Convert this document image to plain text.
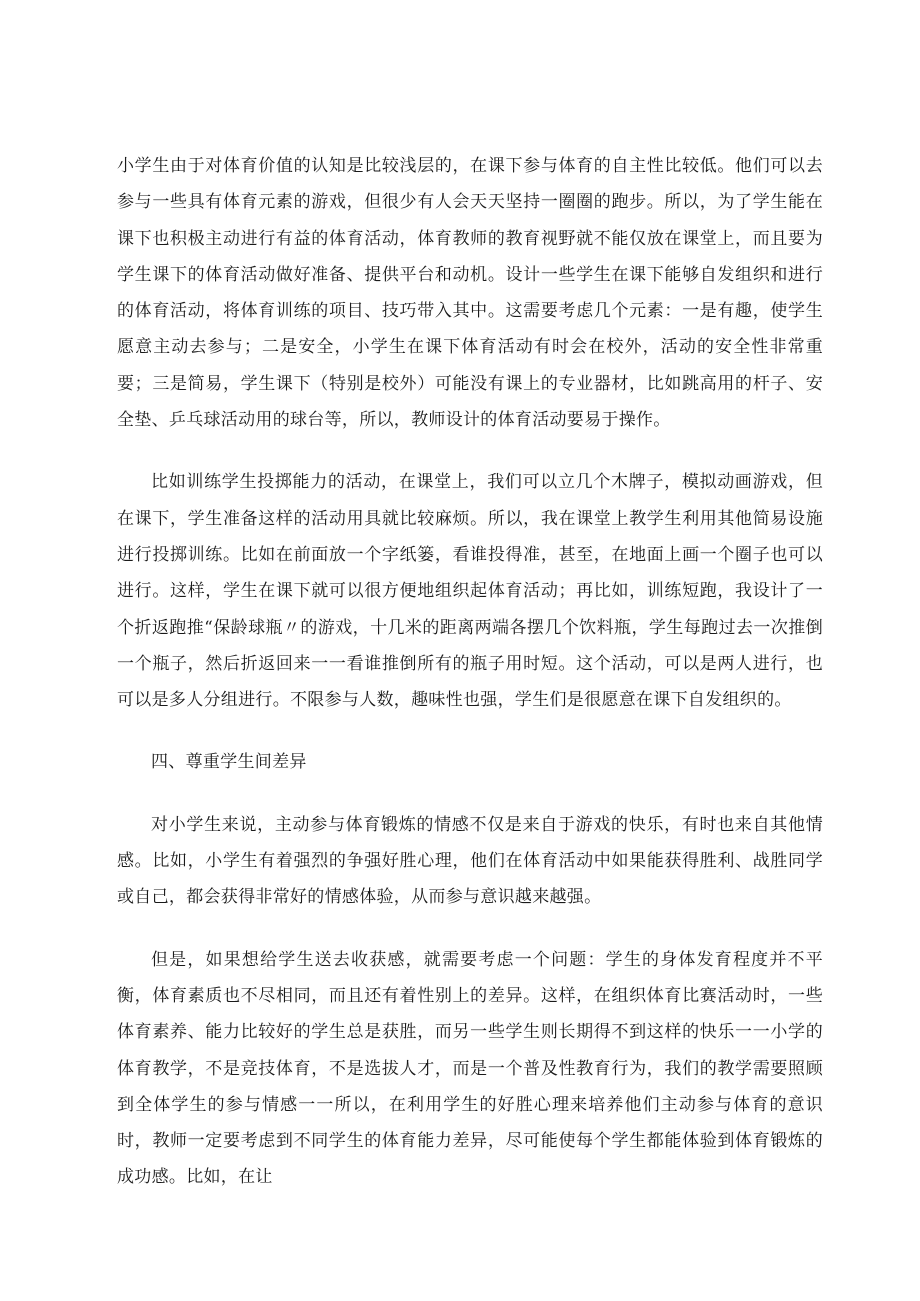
小学生由于对体育价值的认知是比较浅层的，在课下参与体育的自主性比较低。他们可以去参与一些具有体育元素的游戏，但很少有人会天天坚持一圈圈的跑步。所以，为了学生能在课下也积极主动进行有益的体育活动，体育教师的教育视野就不能仅放在课堂上，而且要为学生课下的体育活动做好准备、提供平台和动机。设计一些学生在课下能够自发组织和进行的体育活动，将体育训练的项目、技巧带入其中。这需要考虑几个元素：一是有趣，使学生愿意主动去参与；二是安全，小学生在课下体育活动有时会在校外，活动的安全性非常重要；三是简易，学生课下（特别是校外）可能没有课上的专业器材，比如跳高用的杆子、安全垫、乒乓球活动用的球台等，所以，教师设计的体育活动要易于操作。

比如训练学生投掷能力的活动，在课堂上，我们可以立几个木牌子，模拟动画游戏，但在课下，学生准备这样的活动用具就比较麻烦。所以，我在课堂上教学生利用其他简易设施进行投掷训练。比如在前面放一个字纸篓，看谁投得准，甚至，在地面上画一个圈子也可以进行。这样，学生在课下就可以很方便地组织起体育活动；再比如，训练短跑，我设计了一个折返跑推“保龄球瓶〃的游戏，十几米的距离两端各摆几个饮料瓶，学生每跑过去一次推倒一个瓶子，然后折返回来一一看谁推倒所有的瓶子用时短。这个活动，可以是两人进行，也可以是多人分组进行。不限参与人数，趣味性也强，学生们是很愿意在课下自发组织的。

四、尊重学生间差异

对小学生来说，主动参与体育锻炼的情感不仅是来自于游戏的快乐，有时也来自其他情感。比如，小学生有着强烈的争强好胜心理，他们在体育活动中如果能获得胜利、战胜同学或自己，都会获得非常好的情感体验，从而参与意识越来越强。

但是，如果想给学生送去收获感，就需要考虑一个问题：学生的身体发育程度并不平衡，体育素质也不尽相同，而且还有着性别上的差异。这样，在组织体育比赛活动时，一些体育素养、能力比较好的学生总是获胜，而另一些学生则长期得不到这样的快乐一一小学的体育教学，不是竞技体育，不是选拔人才，而是一个普及性教育行为，我们的教学需要照顾到全体学生的参与情感一一所以，在利用学生的好胜心理来培养他们主动参与体育的意识时，教师一定要考虑到不同学生的体育能力差异，尽可能使每个学生都能体验到体育锻炼的成功感。比如，在让
